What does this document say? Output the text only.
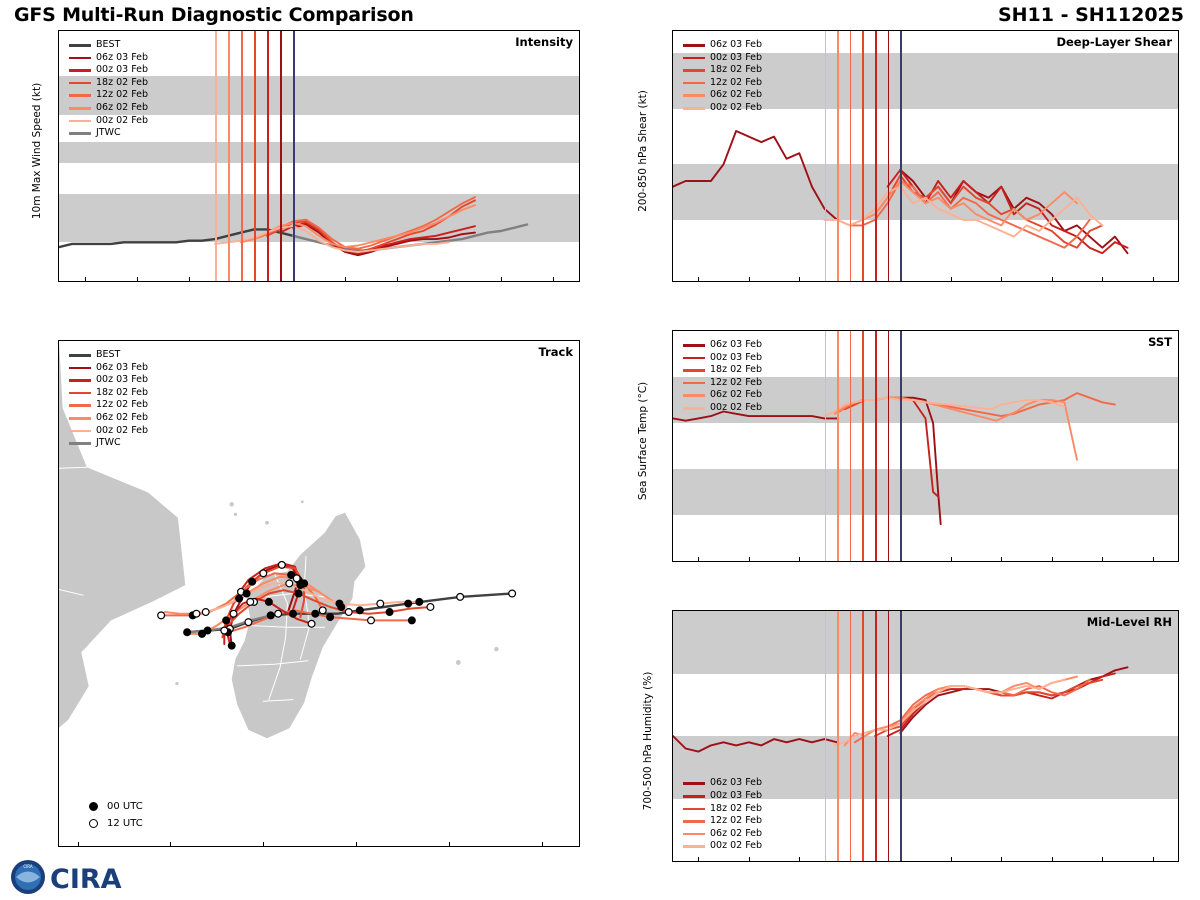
GFS Multi-Run Diagnostic Comparison	SH11 - SH112025

Intensity
BEST
06z 03 Feb
00z 03 Feb
18z 02 Feb
12z 02 Feb
06z 02 Feb
00z 02 Feb
JTWC
10m Max Wind Speed (kt)
Track
BEST
06z 03 Feb
00z 03 Feb
18z 02 Feb
12z 02 Feb
06z 02 Feb
00z 02 Feb
JTWC
00 UTC
12 UTC

Deep-Layer Shear
06z 03 Feb
00z 03 Feb
18z 02 Feb
12z 02 Feb
06z 02 Feb
00z 02 Feb
200-850 hPa Shear (kt)

SST
06z 03 Feb
00z 03 Feb
18z 02 Feb
12z 02 Feb
06z 02 Feb
00z 02 Feb
Sea Surface Temp (°C)

Mid-Level RH
06z 03 Feb
00z 03 Feb
18z 02 Feb
12z 02 Feb
06z 02 Feb
00z 02 Feb
700-500 hPa Humidity (%)
CIRA CIRA
